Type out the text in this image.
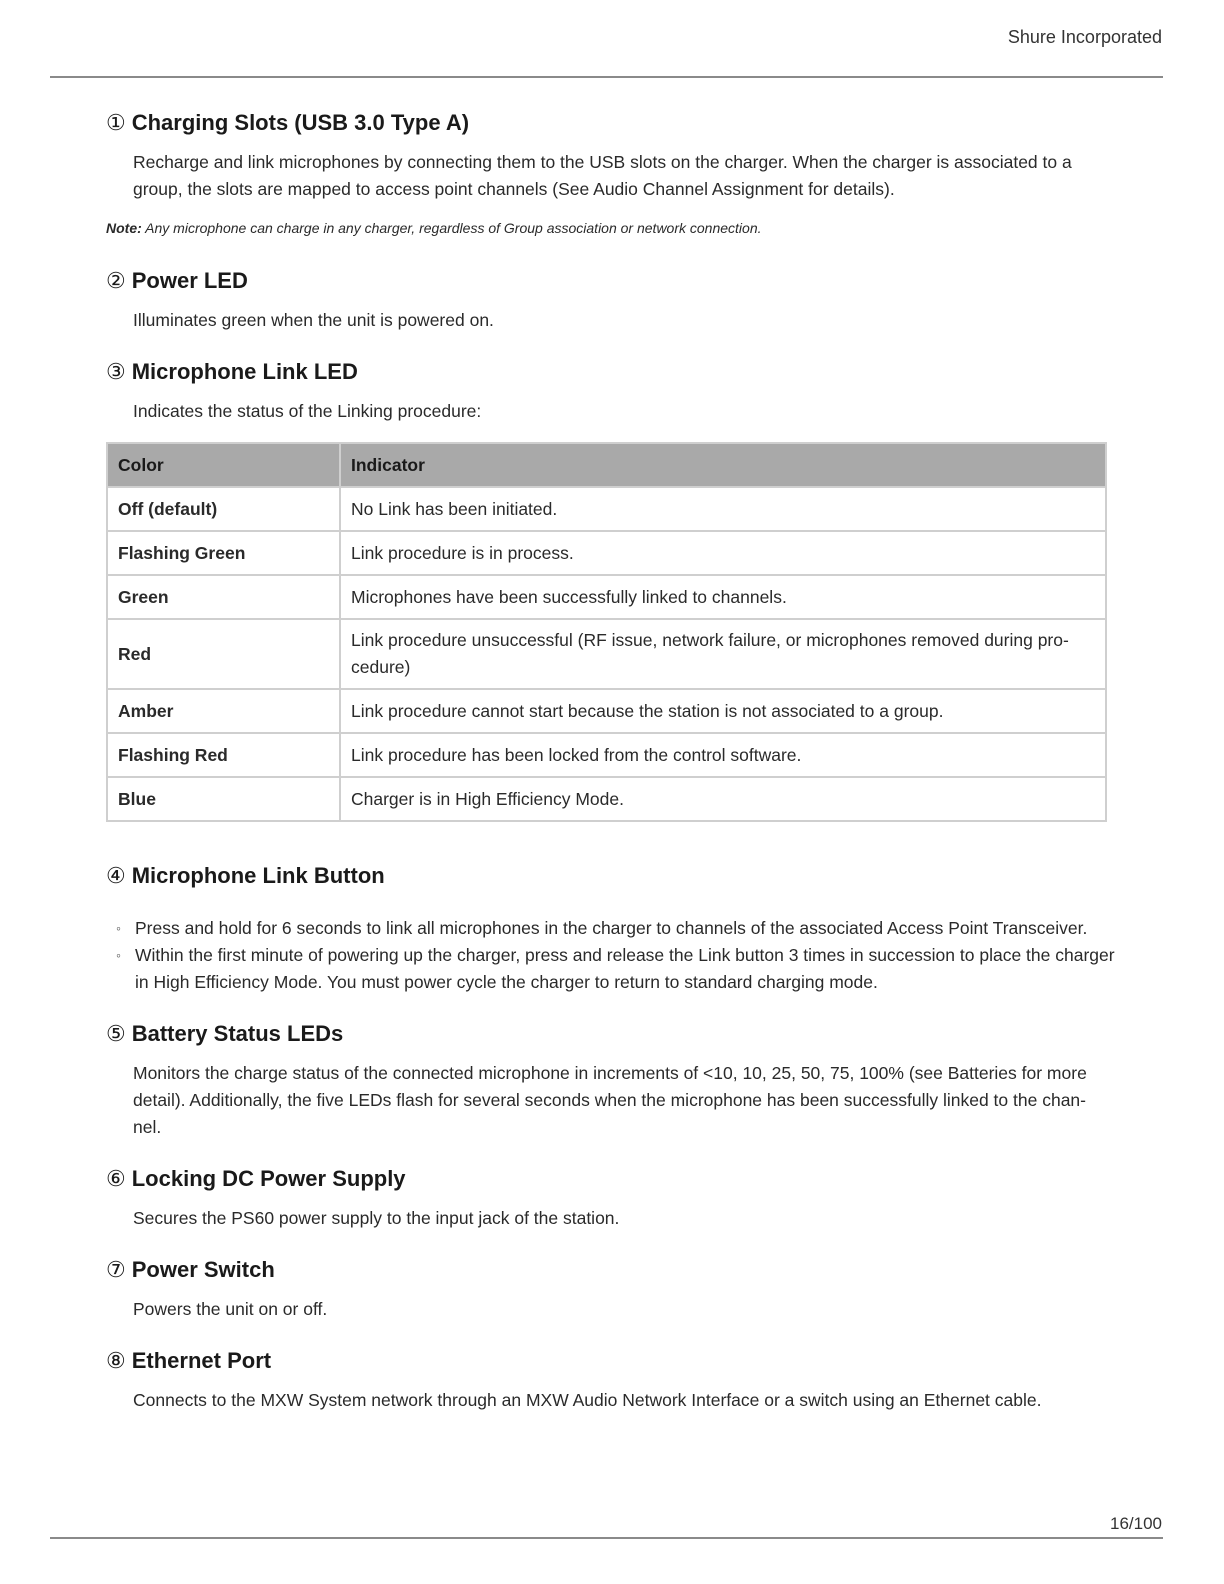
Shure Incorporated
① Charging Slots (USB 3.0 Type A)

Recharge and link microphones by connecting them to the USB slots on the charger. When the charger is associated to a group, the slots are mapped to access point channels (See Audio Channel Assignment for details).

Note: Any microphone can charge in any charger, regardless of Group association or network connection.

② Power LED

Illuminates green when the unit is powered on.

③ Microphone Link LED

Indicates the status of the Linking procedure:

Color	Indicator
Off (default)	No Link has been initiated.
Flashing Green	Link procedure is in process.
Green	Microphones have been successfully linked to channels.
Red	Link procedure unsuccessful (RF issue, network failure, or microphones removed during procedure)
Amber	Link procedure cannot start because the station is not associated to a group.
Flashing Red	Link procedure has been locked from the control software.
Blue	Charger is in High Efficiency Mode.
④ Microphone Link Button
◦ Press and hold for 6 seconds to link all microphones in the charger to channels of the associated Access Point Transceiver.
◦ Within the first minute of powering up the charger, press and release the Link button 3 times in succession to place the charger in High Efficiency Mode. You must power cycle the charger to return to standard charging mode.
⑤ Battery Status LEDs

Monitors the charge status of the connected microphone in increments of <10, 10, 25, 50, 75, 100% (see Batteries for more detail). Additionally, the five LEDs flash for several seconds when the microphone has been successfully linked to the channel.

⑥ Locking DC Power Supply

Secures the PS60 power supply to the input jack of the station.

⑦ Power Switch

Powers the unit on or off.

⑧ Ethernet Port

Connects to the MXW System network through an MXW Audio Network Interface or a switch using an Ethernet cable.

16/100
